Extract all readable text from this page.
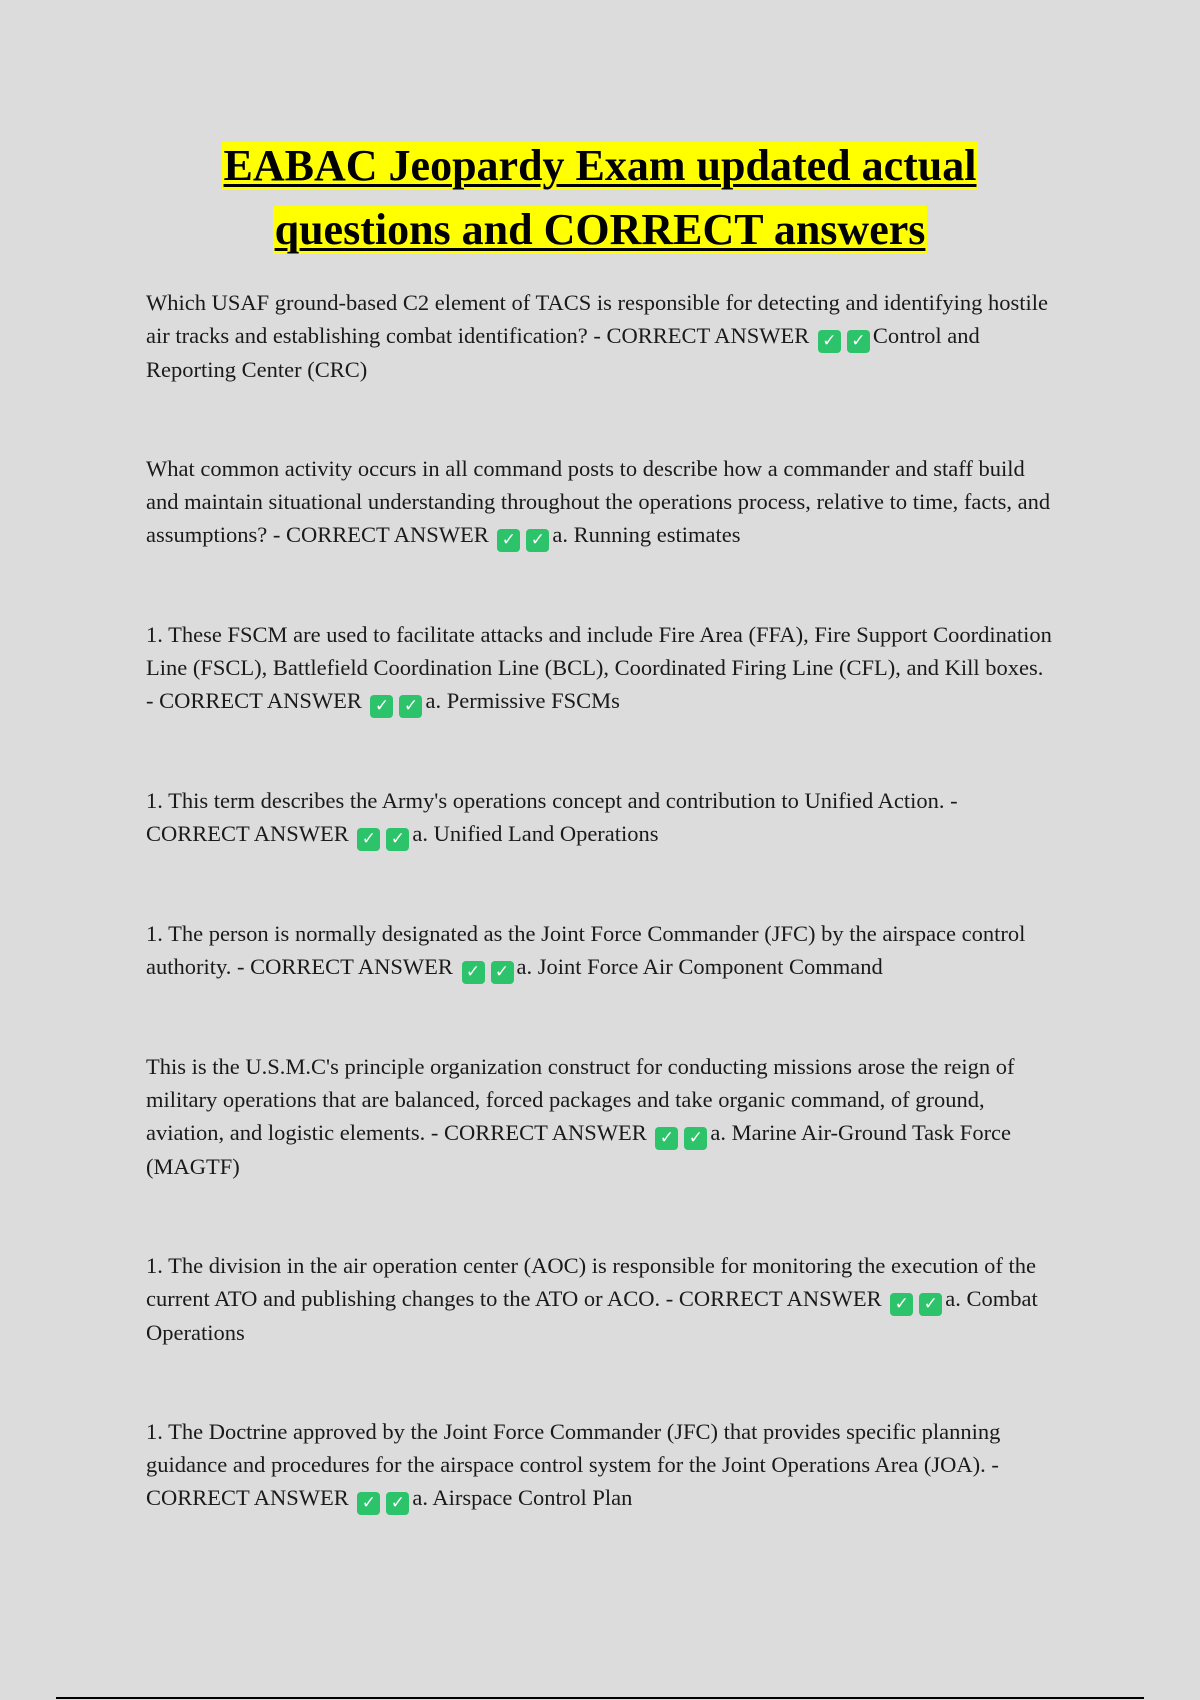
EABAC Jeopardy Exam updated actual
questions and CORRECT answers

Which USAF ground-based C2 element of TACS is responsible for detecting and identifying hostile air tracks and establishing combat identification? - CORRECT ANSWER ✓ ✓ Control and Reporting Center (CRC)

What common activity occurs in all command posts to describe how a commander and staff build and maintain situational understanding throughout the operations process, relative to time, facts, and assumptions? - CORRECT ANSWER ✓ ✓ a. Running estimates

1. These FSCM are used to facilitate attacks and include Fire Area (FFA), Fire Support Coordination Line (FSCL), Battlefield Coordination Line (BCL), Coordinated Firing Line (CFL), and Kill boxes. - CORRECT ANSWER ✓ ✓ a. Permissive FSCMs

1. This term describes the Army's operations concept and contribution to Unified Action. - CORRECT ANSWER ✓ ✓ a. Unified Land Operations

1. The person is normally designated as the Joint Force Commander (JFC) by the airspace control authority. - CORRECT ANSWER ✓ ✓ a. Joint Force Air Component Command

This is the U.S.M.C's principle organization construct for conducting missions arose the reign of military operations that are balanced, forced packages and take organic command, of ground, aviation, and logistic elements. - CORRECT ANSWER ✓ ✓ a. Marine Air-Ground Task Force (MAGTF)

1. The division in the air operation center (AOC) is responsible for monitoring the execution of the current ATO and publishing changes to the ATO or ACO. - CORRECT ANSWER ✓ ✓ a. Combat Operations

1. The Doctrine approved by the Joint Force Commander (JFC) that provides specific planning guidance and procedures for the airspace control system for the Joint Operations Area (JOA). - CORRECT ANSWER ✓ ✓ a. Airspace Control Plan
